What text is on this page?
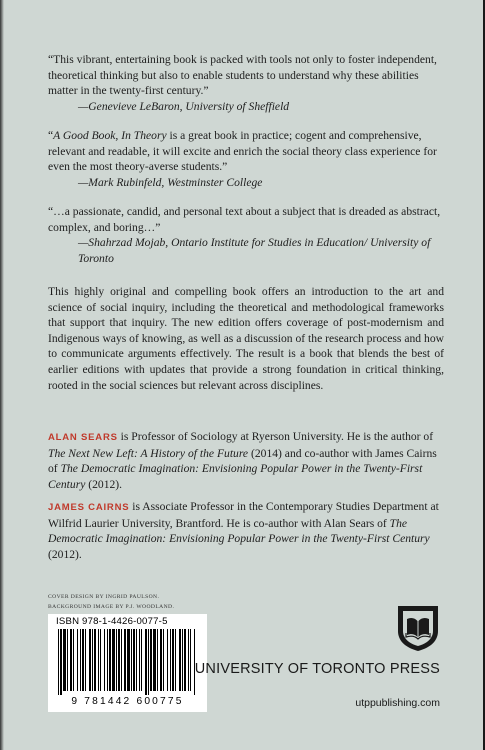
“This vibrant, entertaining book is packed with tools not only to foster independent, theoretical thinking but also to enable students to understand why these abilities matter in the twenty-first century.”
—Genevieve LeBaron, University of Sheffield
“A Good Book, In Theory is a great book in practice; cogent and comprehensive, relevant and readable, it will excite and enrich the social theory class experience for even the most theory-averse students.”
—Mark Rubinfeld, Westminster College
“…a passionate, candid, and personal text about a subject that is dreaded as abstract, complex, and boring…”
—Shahrzad Mojab, Ontario Institute for Studies in Education/ University of Toronto
This highly original and compelling book offers an introduction to the art and science of social inquiry, including the theoretical and methodological frameworks that support that inquiry. The new edition offers coverage of post-modernism and Indigenous ways of knowing, as well as a discussion of the research process and how to communicate arguments effectively. The result is a book that blends the best of earlier editions with updates that provide a strong foundation in critical thinking, rooted in the social sciences but relevant across disciplines.
ALAN SEARS is Professor of Sociology at Ryerson University. He is the author of The Next New Left: A History of the Future (2014) and co-author with James Cairns of The Democratic Imagination: Envisioning Popular Power in the Twenty-First Century (2012).
JAMES CAIRNS is Associate Professor in the Contemporary Studies Department at Wilfrid Laurier University, Brantford. He is co-author with Alan Sears of The Democratic Imagination: Envisioning Popular Power in the Twenty-First Century (2012).
COVER DESIGN BY INGRID PAULSON.
BACKGROUND IMAGE BY P.J. WOODLAND.
ISBN 978-1-4426-0077-5
9 781442 600775
UNIVERSITY OF TORONTO PRESS
utppublishing.com
